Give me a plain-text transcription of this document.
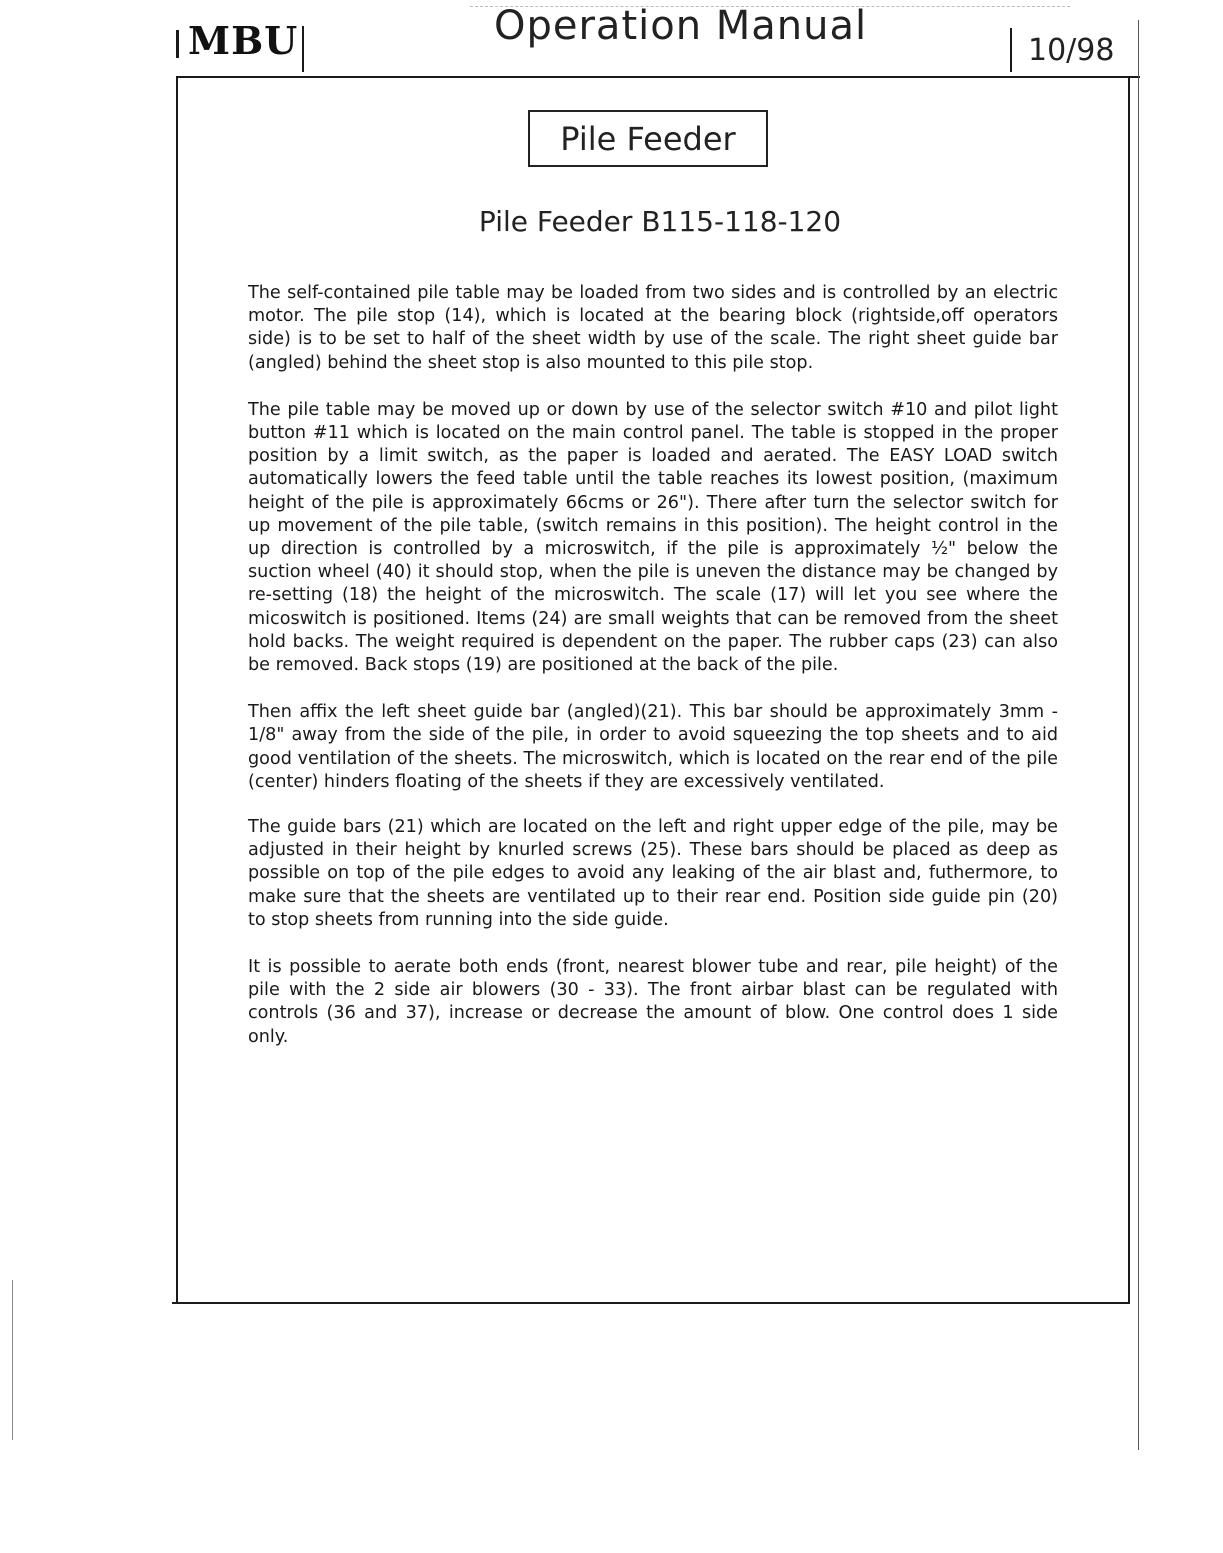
MBU	Operation Manual
10/98
Pile Feeder
Pile Feeder B115-118-120

The self-contained pile table may be loaded from two sides and is controlled by an electric motor. The pile stop (14), which is located at the bearing block (rightside,off operators side) is to be set to half of the sheet width by use of the scale. The right sheet guide bar (angled) behind the sheet stop is also mounted to this pile stop.

The pile table may be moved up or down by use of the selector switch #10 and pilot light button #11 which is located on the main control panel. The table is stopped in the proper position by a limit switch, as the paper is loaded and aerated. The EASY LOAD switch automatically lowers the feed table until the table reaches its lowest position, (maximum height of the pile is approximately 66cms or 26"). There after turn the selector switch for up movement of the pile table, (switch remains in this position). The height control in the up direction is controlled by a microswitch, if the pile is approximately ½" below the suction wheel (40) it should stop, when the pile is uneven the distance may be changed by re-setting (18) the height of the microswitch. The scale (17) will let you see where the micoswitch is positioned. Items (24) are small weights that can be removed from the sheet hold backs. The weight required is dependent on the paper. The rubber caps (23) can also be removed. Back stops (19) are positioned at the back of the pile.

Then affix the left sheet guide bar (angled)(21). This bar should be approximately 3mm - 1/8" away from the side of the pile, in order to avoid squeezing the top sheets and to aid good ventilation of the sheets. The microswitch, which is located on the rear end of the pile (center) hinders floating of the sheets if they are excessively ventilated.

The guide bars (21) which are located on the left and right upper edge of the pile, may be adjusted in their height by knurled screws (25). These bars should be placed as deep as possible on top of the pile edges to avoid any leaking of the air blast and, futhermore, to make sure that the sheets are ventilated up to their rear end. Position side guide pin (20) to stop sheets from running into the side guide.

It is possible to aerate both ends (front, nearest blower tube and rear, pile height) of the pile with the 2 side air blowers (30 - 33). The front airbar blast can be regulated with controls (36 and 37), increase or decrease the amount of blow. One control does 1 side only.
